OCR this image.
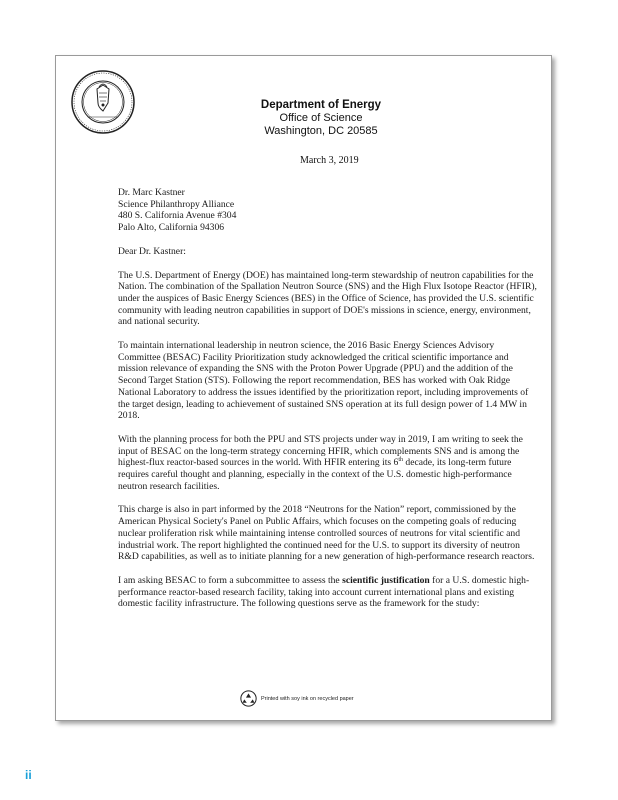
Department of Energy
Office of Science
Washington, DC 20585
March 3, 2019
Dr. Marc Kastner
Science Philanthropy Alliance
480 S. California Avenue #304
Palo Alto, California 94306
Dear Dr. Kastner:
The U.S. Department of Energy (DOE) has maintained long-term stewardship of neutron capabilities for the Nation. The combination of the Spallation Neutron Source (SNS) and the High Flux Isotope Reactor (HFIR), under the auspices of Basic Energy Sciences (BES) in the Office of Science, has provided the U.S. scientific community with leading neutron capabilities in support of DOE's missions in science, energy, environment, and national security.
To maintain international leadership in neutron science, the 2016 Basic Energy Sciences Advisory Committee (BESAC) Facility Prioritization study acknowledged the critical scientific importance and mission relevance of expanding the SNS with the Proton Power Upgrade (PPU) and the addition of the Second Target Station (STS). Following the report recommendation, BES has worked with Oak Ridge National Laboratory to address the issues identified by the prioritization report, including improvements of the target design, leading to achievement of sustained SNS operation at its full design power of 1.4 MW in 2018.
With the planning process for both the PPU and STS projects under way in 2019, I am writing to seek the input of BESAC on the long-term strategy concerning HFIR, which complements SNS and is among the highest-flux reactor-based sources in the world. With HFIR entering its 6th decade, its long-term future requires careful thought and planning, especially in the context of the U.S. domestic high-performance neutron research facilities.
This charge is also in part informed by the 2018 “Neutrons for the Nation” report, commissioned by the American Physical Society's Panel on Public Affairs, which focuses on the competing goals of reducing nuclear proliferation risk while maintaining intense controlled sources of neutrons for vital scientific and industrial work. The report highlighted the continued need for the U.S. to support its diversity of neutron R&D capabilities, as well as to initiate planning for a new generation of high-performance research reactors.
I am asking BESAC to form a subcommittee to assess the scientific justification for a U.S. domestic high-performance reactor-based research facility, taking into account current international plans and existing domestic facility infrastructure. The following questions serve as the framework for the study:
Printed with soy ink on recycled paper
ii
